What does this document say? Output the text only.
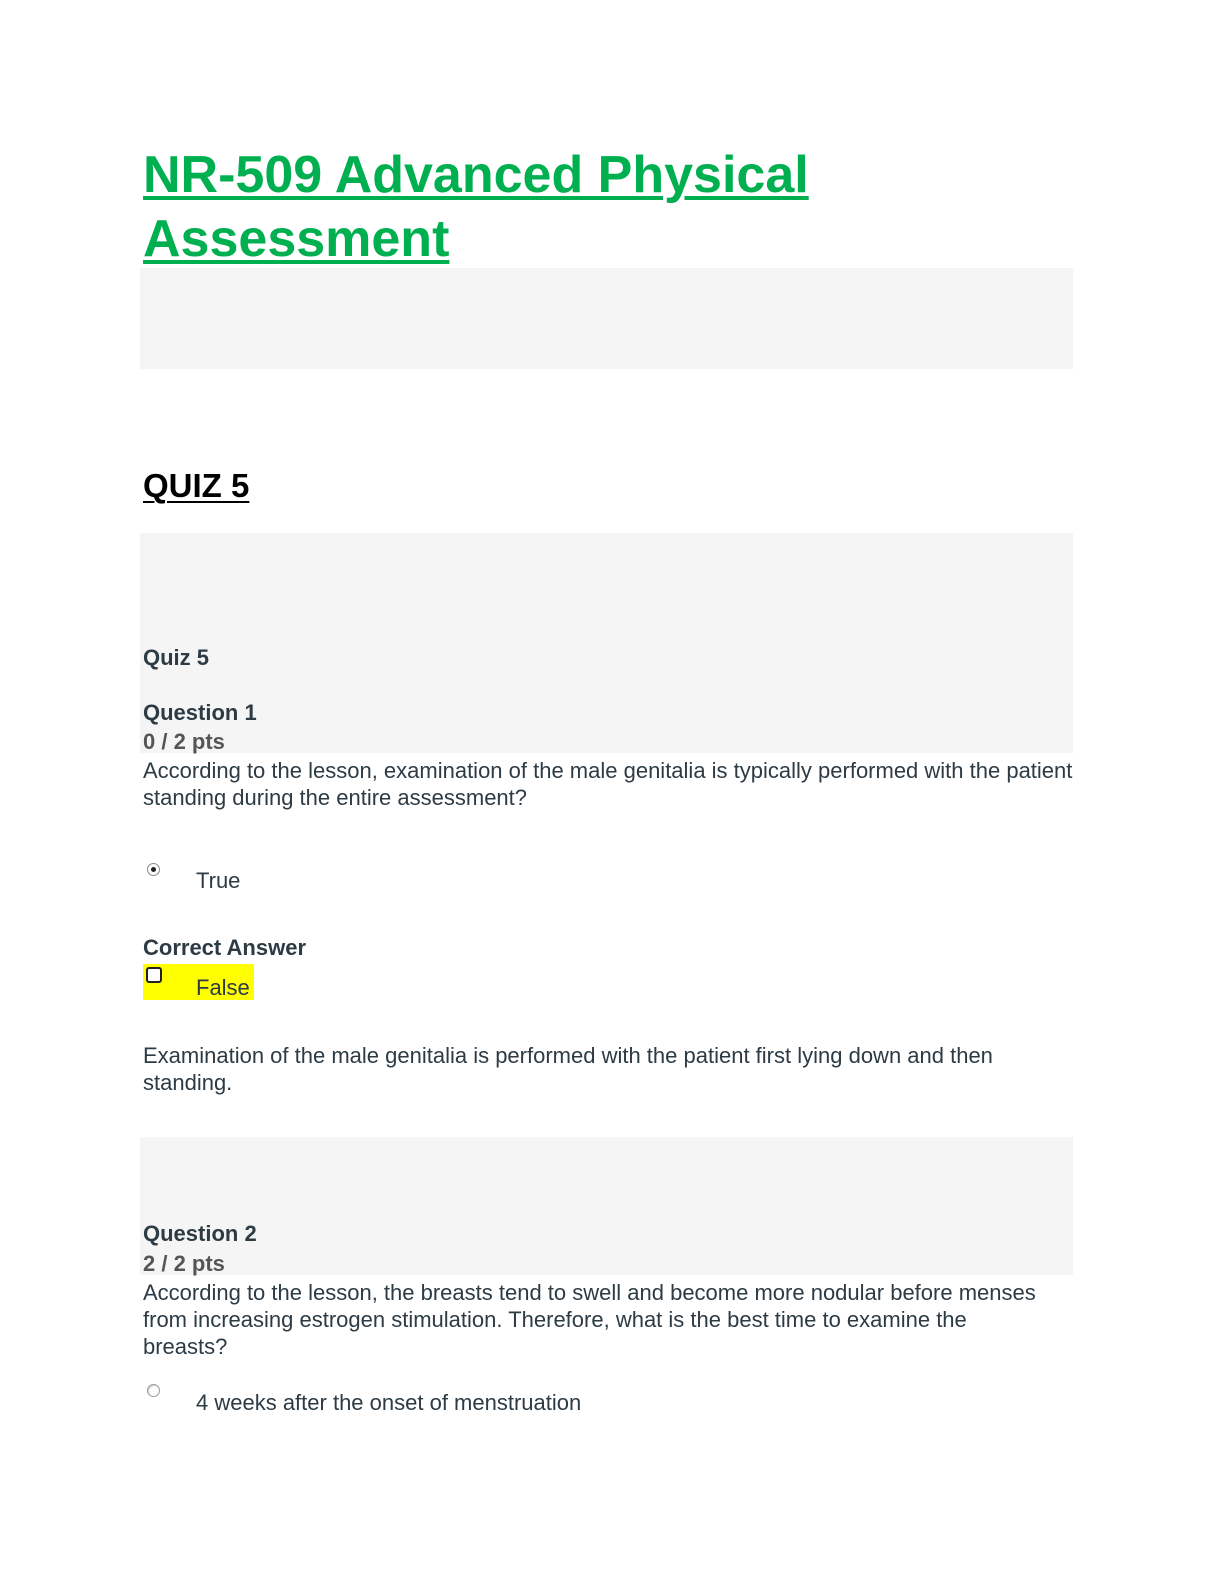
NR-509 Advanced Physical Assessment
QUIZ 5
Quiz 5
Question 1
0 / 2 pts

According to the lesson, examination of the male genitalia is typically performed with the patient standing during the entire assessment?

True
Correct Answer
False

Examination of the male genitalia is performed with the patient first lying down and then standing.

Question 2
2 / 2 pts

According to the lesson, the breasts tend to swell and become more nodular before menses from increasing estrogen stimulation. Therefore, what is the best time to examine the breasts?

4 weeks after the onset of menstruation
